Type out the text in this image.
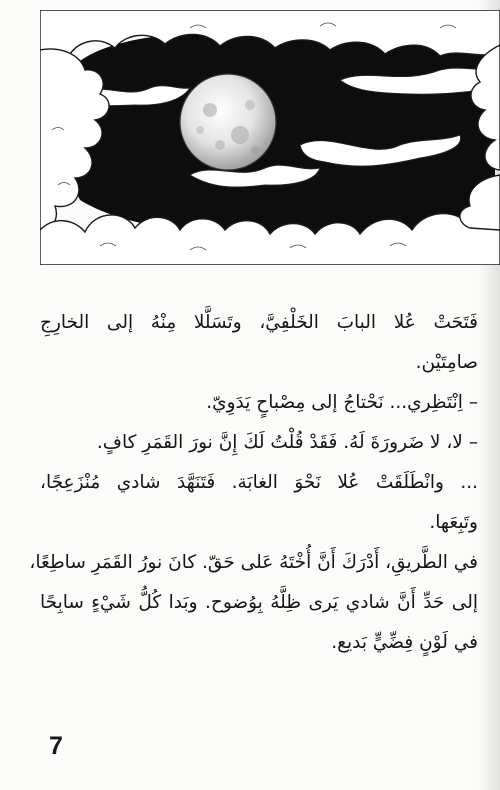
فَتَحَتْ عُلا البابَ الخَلْفِيَّ، وتَسَلَّلا مِنْهُ إلى الخارِجِ
صامِتَيْن.
– اِنْتَظِري... نَحْتاجُ إلى مِصْباحٍ يَدَوِيّ.
– لا، لا ضَرورَةَ لَهُ. فَقَدْ قُلْتُ لَكَ إِنَّ نورَ القَمَرِ كافٍ.
... وانْطَلَقَتْ عُلا نَحْوَ الغابَة. فَتَنَهَّدَ شادي مُنْزَعِجًا،
وتَبِعَها.
في الطَّريقِ، أَدْرَكَ أَنَّ أُخْتَهُ عَلى حَقّ. كانَ نورُ القَمَرِ ساطِعًا،
إلى حَدِّ أَنَّ شادي يَرى ظِلَّهُ بِوُضوح. وبَدا كُلُّ شَيْءٍ سابِحًا
في لَوْنٍ فِضِّيٍّ بَديع.
7
